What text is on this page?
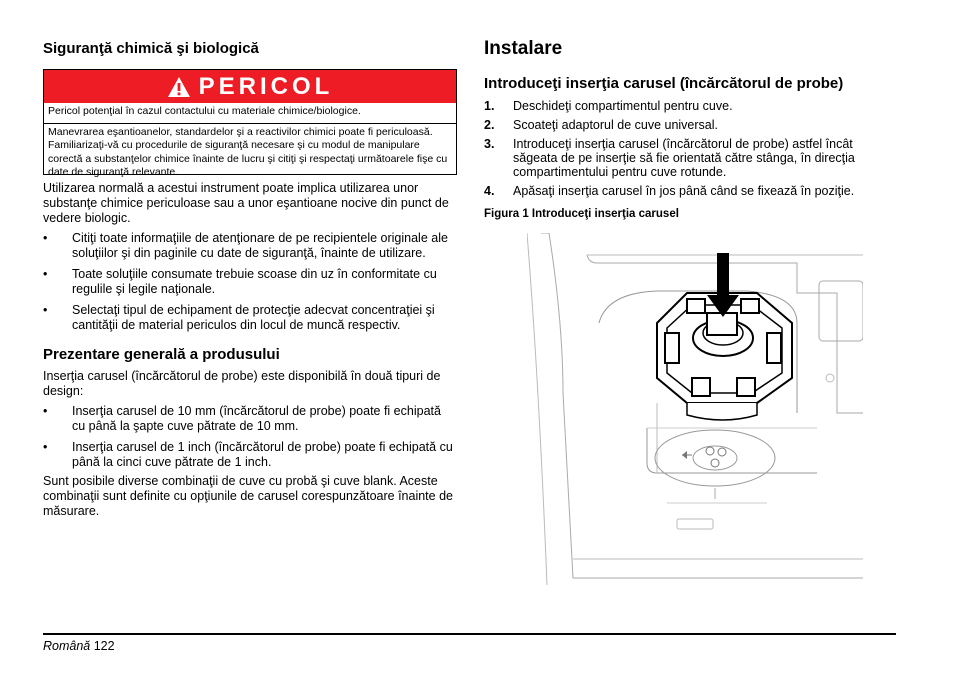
Siguranţă chimică şi biologică
PERICOL

Pericol potenţial în cazul contactului cu materiale chimice/biologice.

Manevrarea eşantioanelor, standardelor şi a reactivilor chimici poate fi periculoasă. Familiarizaţi-vă cu procedurile de siguranţă necesare şi cu modul de manipulare corectă a substanţelor chimice înainte de lucru şi citiţi şi respectaţi următoarele fişe cu date de siguranţă relevante.

Utilizarea normală a acestui instrument poate implica utilizarea unor substanţe chimice periculoase sau a unor eşantioane nocive din punct de vedere biologic.

• Citiţi toate informaţiile de atenţionare de pe recipientele originale ale soluţiilor şi din paginile cu date de siguranţă, înainte de utilizare.
• Toate soluţiile consumate trebuie scoase din uz în conformitate cu regulile şi legile naţionale.
• Selectaţi tipul de echipament de protecţie adecvat concentraţiei şi cantităţii de material periculos din locul de muncă respectiv.
Prezentare generală a produsului

Inserţia carusel (încărcătorul de probe) este disponibilă în două tipuri de design:

• Inserţia carusel de 10 mm (încărcătorul de probe) poate fi echipată cu până la şapte cuve pătrate de 10 mm.
• Inserţia carusel de 1 inch (încărcătorul de probe) poate fi echipată cu până la cinci cuve pătrate de 1 inch.

Sunt posibile diverse combinaţii de cuve cu probă şi cuve blank. Aceste combinaţii sunt definite cu opţiunile de carusel corespunzătoare înainte de măsurare.

Instalare
Introduceţi inserţia carusel (încărcătorul de probe)
1. Deschideţi compartimentul pentru cuve.
2. Scoateţi adaptorul de cuve universal.
3. Introduceţi inserţia carusel (încărcătorul de probe) astfel încât săgeata de pe inserţie să fie orientată către stânga, în direcţia compartimentului pentru cuve rotunde.
4. Apăsaţi inserţia carusel în jos până când se fixează în poziţie.

Figura 1 Introduceţi inserţia carusel

Română 122
